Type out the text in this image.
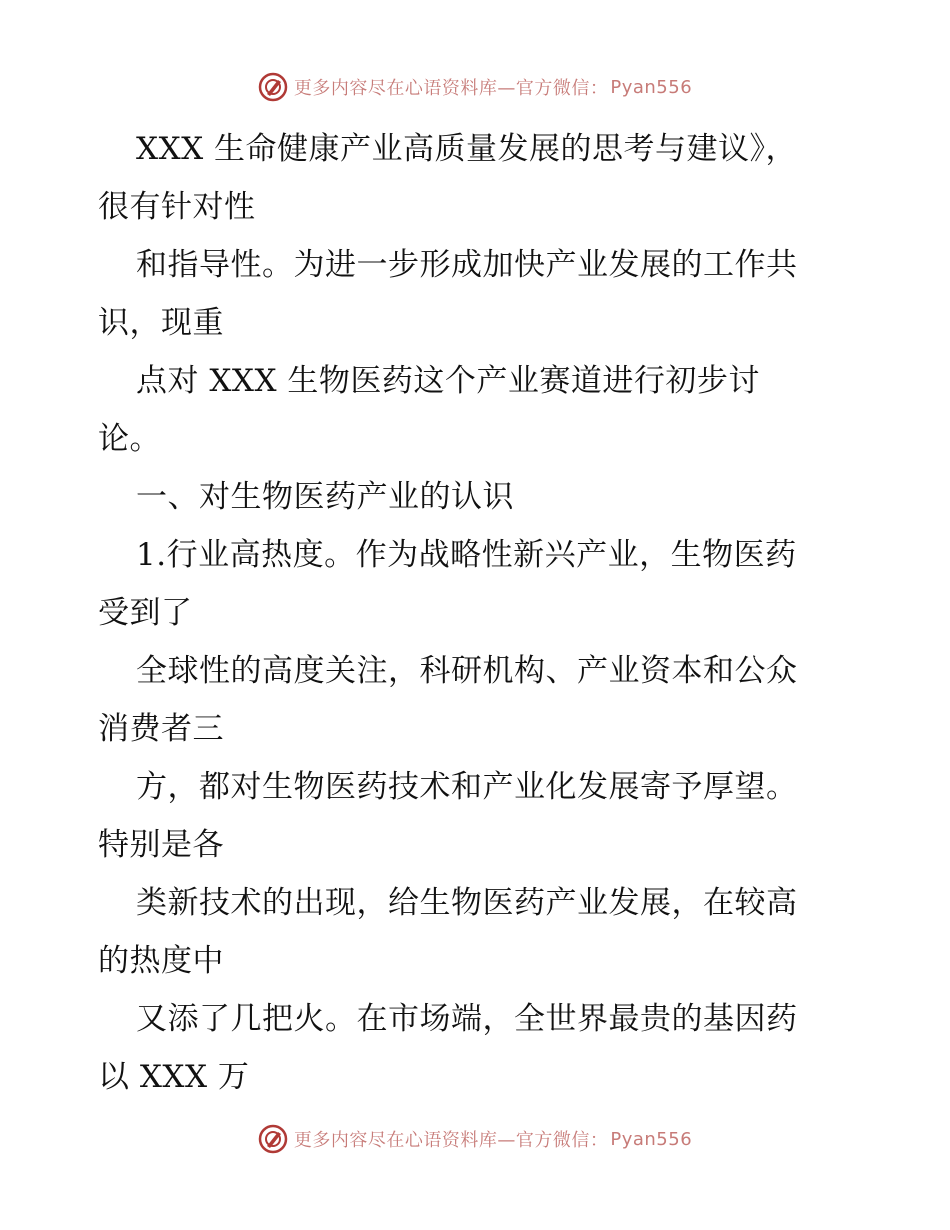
更多内容尽在心语资料库—官方微信： Pyan556
XXX 生命健康产业高质量发展的思考与建议》，
很有针对性
和指导性。为进一步形成加快产业发展的工作共
识，现重
点对 XXX 生物医药这个产业赛道进行初步讨
论。
一、对生物医药产业的认识
1.行业高热度。作为战略性新兴产业，生物医药
受到了
全球性的高度关注，科研机构、产业资本和公众
消费者三
方，都对生物医药技术和产业化发展寄予厚望。
特别是各
类新技术的出现，给生物医药产业发展，在较高
的热度中
又添了几把火。在市场端，全世界最贵的基因药
以 XXX 万
更多内容尽在心语资料库—官方微信： Pyan556
